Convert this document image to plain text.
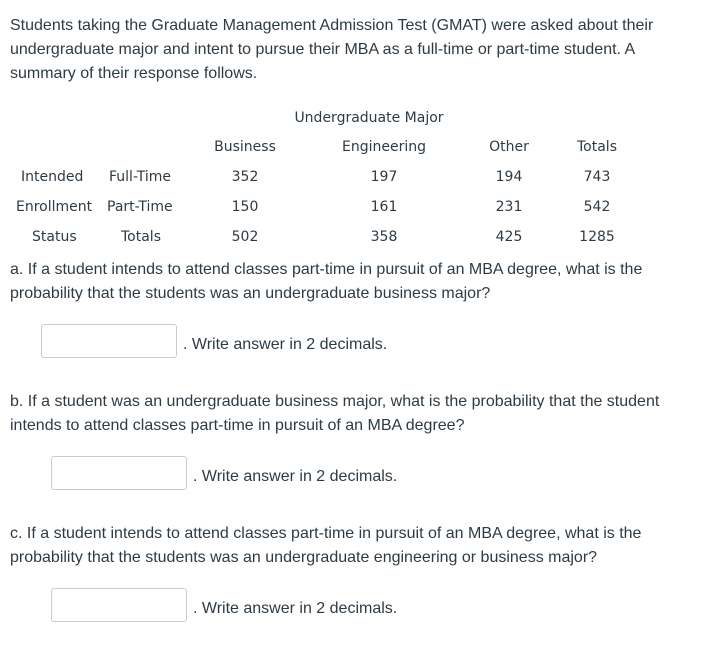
Students taking the Graduate Management Admission Test (GMAT) were asked about their undergraduate major and intent to pursue their MBA as a full-time or part-time student. A summary of their response follows.
Undergraduate Major
Business	Engineering	Other	Totals
Intended
Enrollment
Status
Full-Time	352	197	194	743
Part-Time	150	161	231	542
Totals	502	358	425	1285
a. If a student intends to attend classes part-time in pursuit of an MBA degree, what is the probability that the students was an undergraduate business major?
. Write answer in 2 decimals.
b. If a student was an undergraduate business major, what is the probability that the student intends to attend classes part-time in pursuit of an MBA degree?
. Write answer in 2 decimals.
c. If a student intends to attend classes part-time in pursuit of an MBA degree, what is the probability that the students was an undergraduate engineering or business major?
. Write answer in 2 decimals.
